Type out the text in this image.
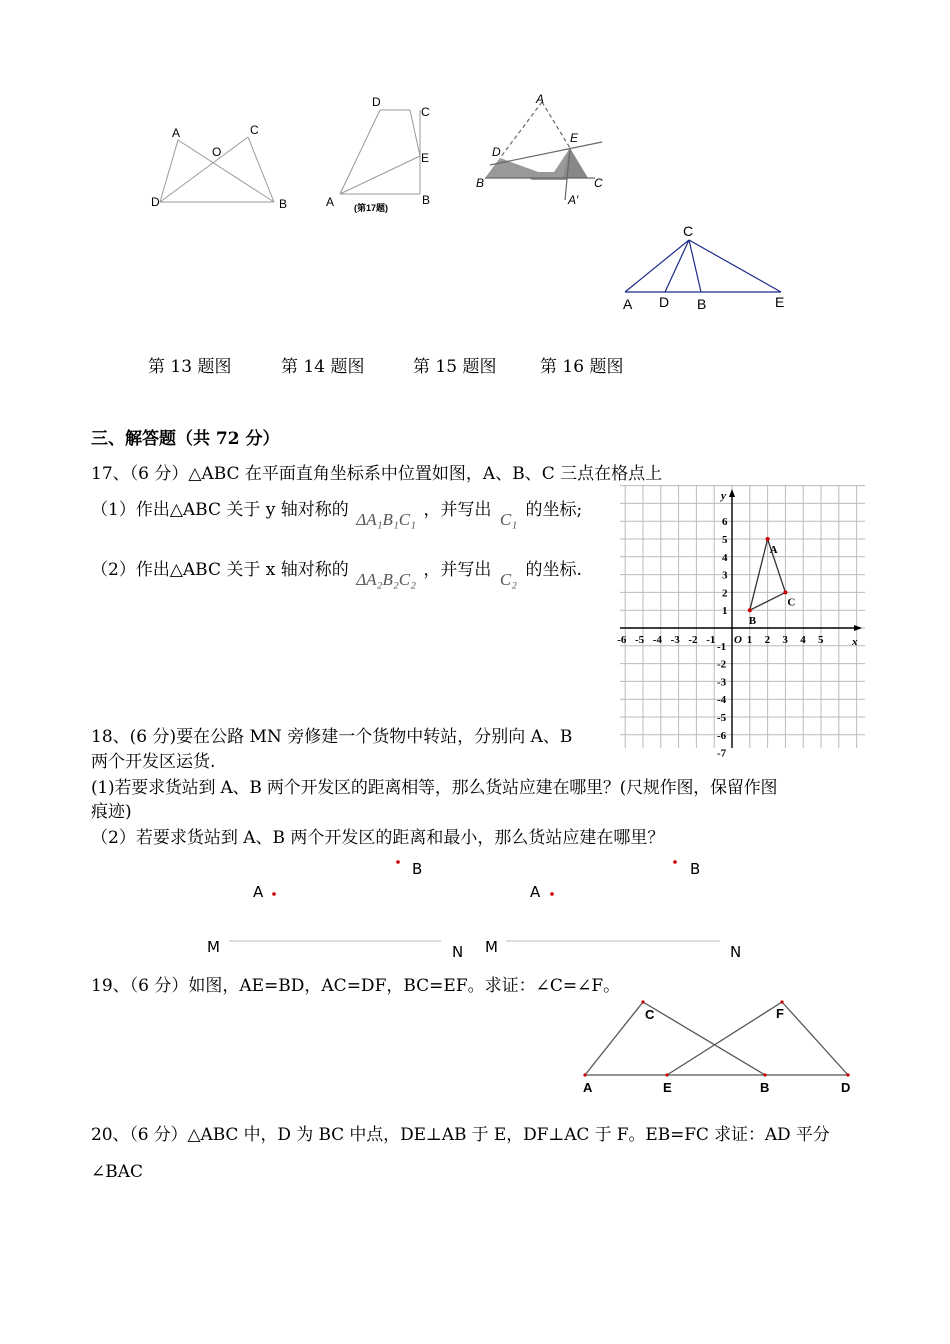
A	C
O
D	B
D
C
E
A	B
(第17题)
A
E
D
B	C
A′
C
A D B	E
第 13 题图	第 14 题图	第 15 题图	第 16 题图
三、解答题（共 72 分）
17、（6 分）△ABC 在平面直角坐标系中位置如图，A、B、C 三点在格点上
（1）作出△ABC 关于 y 轴对称的 ΔA₁B₁C₁ ，并写出 C₁ 的坐标;
（2）作出△ABC 关于 x 轴对称的 ΔA₂B₂C₂ ，并写出 C₂ 的坐标.
x
y
O
-6 -5 -4 -3 -2 -1	1 2 3 4 5
6
5
4
3
2
1
-1
-2
-3
-4
-5
-6
-7
A
B
C
18、(6 分)要在公路 MN 旁修建一个货物中转站，分别向 A、B
两个开发区运货.
(1)若要求货站到 A、B 两个开发区的距离相等，那么货站应建在哪里？(尺规作图，保留作图
痕迹)
（2）若要求货站到 A、B 两个开发区的距离和最小，那么货站应建在哪里？
B
A
M	N
B
A
M	N
19、（6 分）如图，AE=BD，AC=DF，BC=EF。求证：∠C=∠F。
C	F
A	E	B	D
20、（6 分）△ABC 中，D 为 BC 中点，DE⊥AB 于 E，DF⊥AC 于 F。EB=FC 求证：AD 平分
∠BAC
